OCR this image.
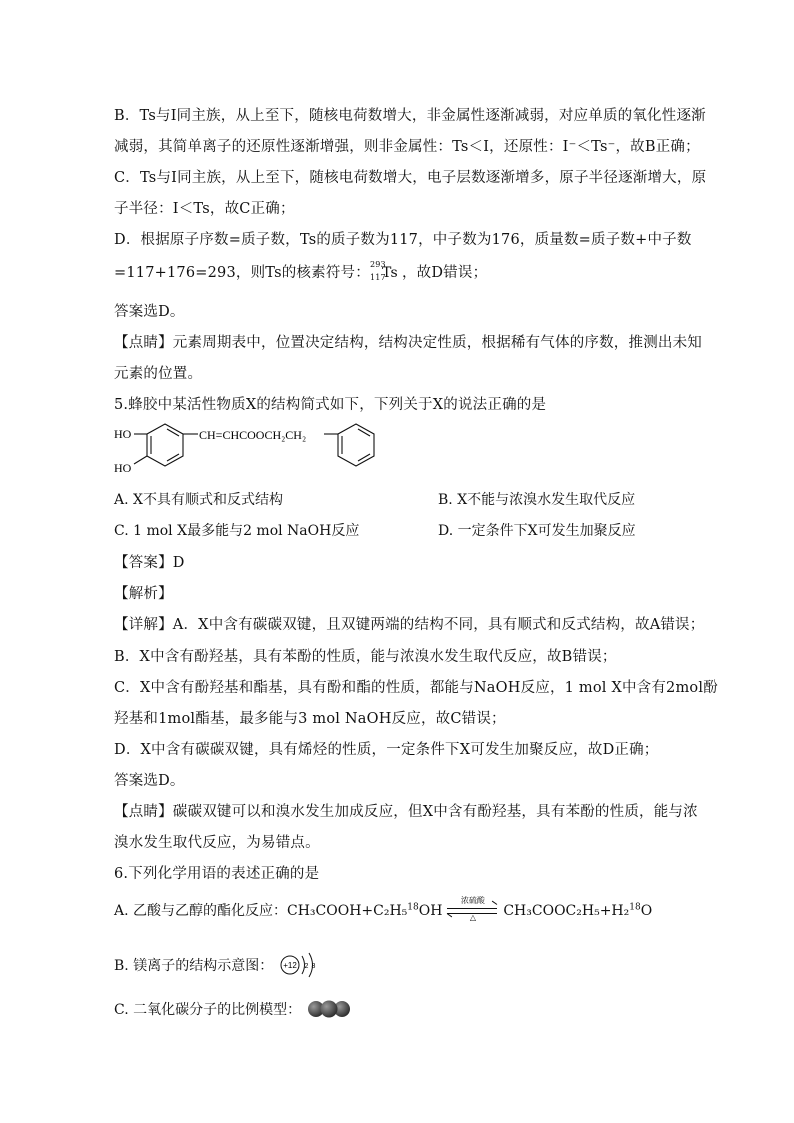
B．Ts与I同主族，从上至下，随核电荷数增大，非金属性逐渐减弱，对应单质的氧化性逐渐
减弱，其简单离子的还原性逐渐增强，则非金属性：Ts＜I，还原性：I⁻＜Ts⁻，故B正确；
C．Ts与I同主族，从上至下，随核电荷数增大，电子层数逐渐增多，原子半径逐渐增大，原
子半径：I＜Ts，故C正确；
D．根据原子序数=质子数，Ts的质子数为117，中子数为176，质量数=质子数+中子数
=117+176=293，则Ts的核素符号：
293
117
Ts ，故D错误；
答案选D。
【点睛】元素周期表中，位置决定结构，结构决定性质，根据稀有气体的序数，推测出未知
元素的位置。
5.蜂胶中某活性物质X的结构简式如下，下列关于X的说法正确的是
HO
HO
CH=CHCOOCH₂CH₂
A. X不具有顺式和反式结构	B. X不能与浓溴水发生取代反应
C. 1 mol X最多能与2 mol NaOH反应	D. 一定条件下X可发生加聚反应
【答案】D
【解析】
【详解】A．X中含有碳碳双键，且双键两端的结构不同，具有顺式和反式结构，故A错误；
B．X中含有酚羟基，具有苯酚的性质，能与浓溴水发生取代反应，故B错误；
C．X中含有酚羟基和酯基，具有酚和酯的性质，都能与NaOH反应，1 mol X中含有2mol酚
羟基和1mol酯基，最多能与3 mol NaOH反应，故C错误；
D．X中含有碳碳双键，具有烯烃的性质，一定条件下X可发生加聚反应，故D正确；
答案选D。
【点睛】碳碳双键可以和溴水发生加成反应，但X中含有酚羟基，具有苯酚的性质，能与浓
溴水发生取代反应，为易错点。
6.下列化学用语的表述正确的是
A. 乙酸与乙醇的酯化反应：CH₃COOH+C₂H₅$^{18}$OH
浓硫酸
△	CH₃COOC₂H₅+H₂$^{18}$O
B. 镁离子的结构示意图： +12 2 8
C. 二氧化碳分子的比例模型：
